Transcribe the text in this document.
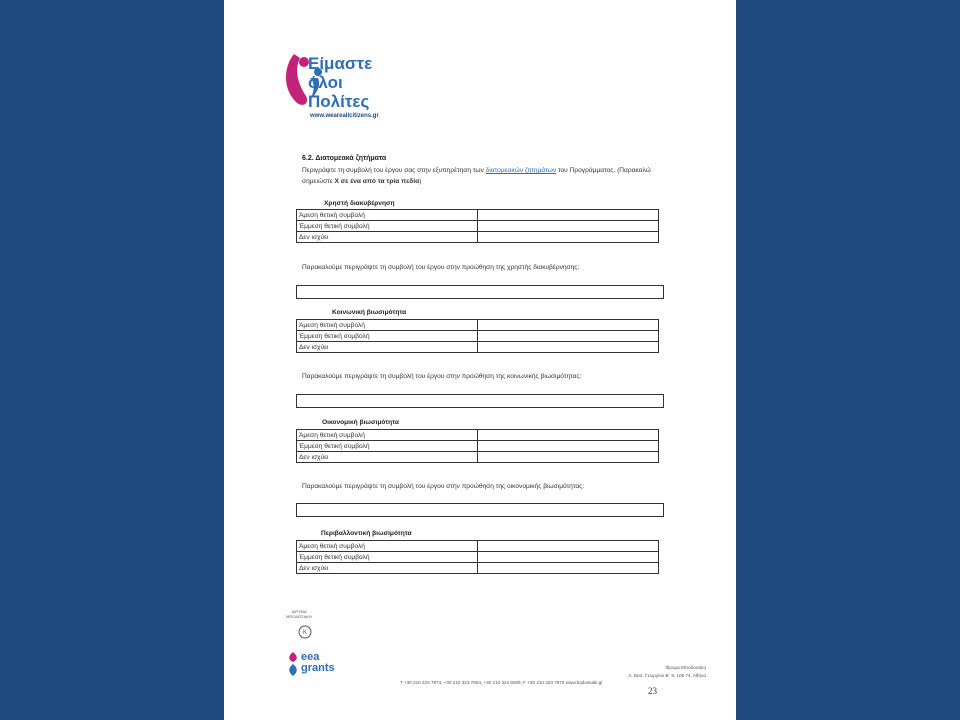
Είμαστε
όλοι
Πολίτες
www.weareallcitizens.gr
6.2. Διατομεακά ζητήματα
Περιγράψτε τη συμβολή του έργου σας στην εξυπηρέτηση των διατομεακών ζητημάτων του Προγράμματος. (Παρακαλώ σημειώστε X σε ένα από τα τρία πεδία)
Χρηστή διακυβέρνηση
Άμεση θετική συμβολή	
Έμμεση θετική συμβολή	
Δεν ισχύει	
Παρακαλούμε περιγράψτε τη συμβολή του έργου στην προώθηση της χρηστής διακυβέρνησης:
Κοινωνική βιωσιμότητα
Άμεση θετική συμβολή	
Έμμεση θετική συμβολή	
Δεν ισχύει	
Παρακαλούμε περιγράψτε τη συμβολή του έργου στην προώθηση της κοινωνικής βιωσιμότητας:
Οικονομική βιωσιμότητα
Άμεση θετική συμβολή	
Έμμεση θετική συμβολή	
Δεν ισχύει	
Παρακαλούμε περιγράψτε τη συμβολή του έργου στην προώθηση της οικονομικής βιωσιμότητας:
Περιβαλλοντική βιωσιμότητα
Άμεση θετική συμβολή	
Έμμεση θετική συμβολή	
Δεν ισχύει	
ΙΔΡΥΜΑ
ΜΠΟΔΟΣΑΚΗ
Κ
eea
grants	Ίδρυμα Μποδοσάκη
Λ. Βασ. Γεωργίου Β΄ 9, 106 74, Αθήνα
T +30 210 323 7973, +30 210 323 7604, +30 210 324 8009, F +30 210 323 7976 www.bodossaki.gr
23
